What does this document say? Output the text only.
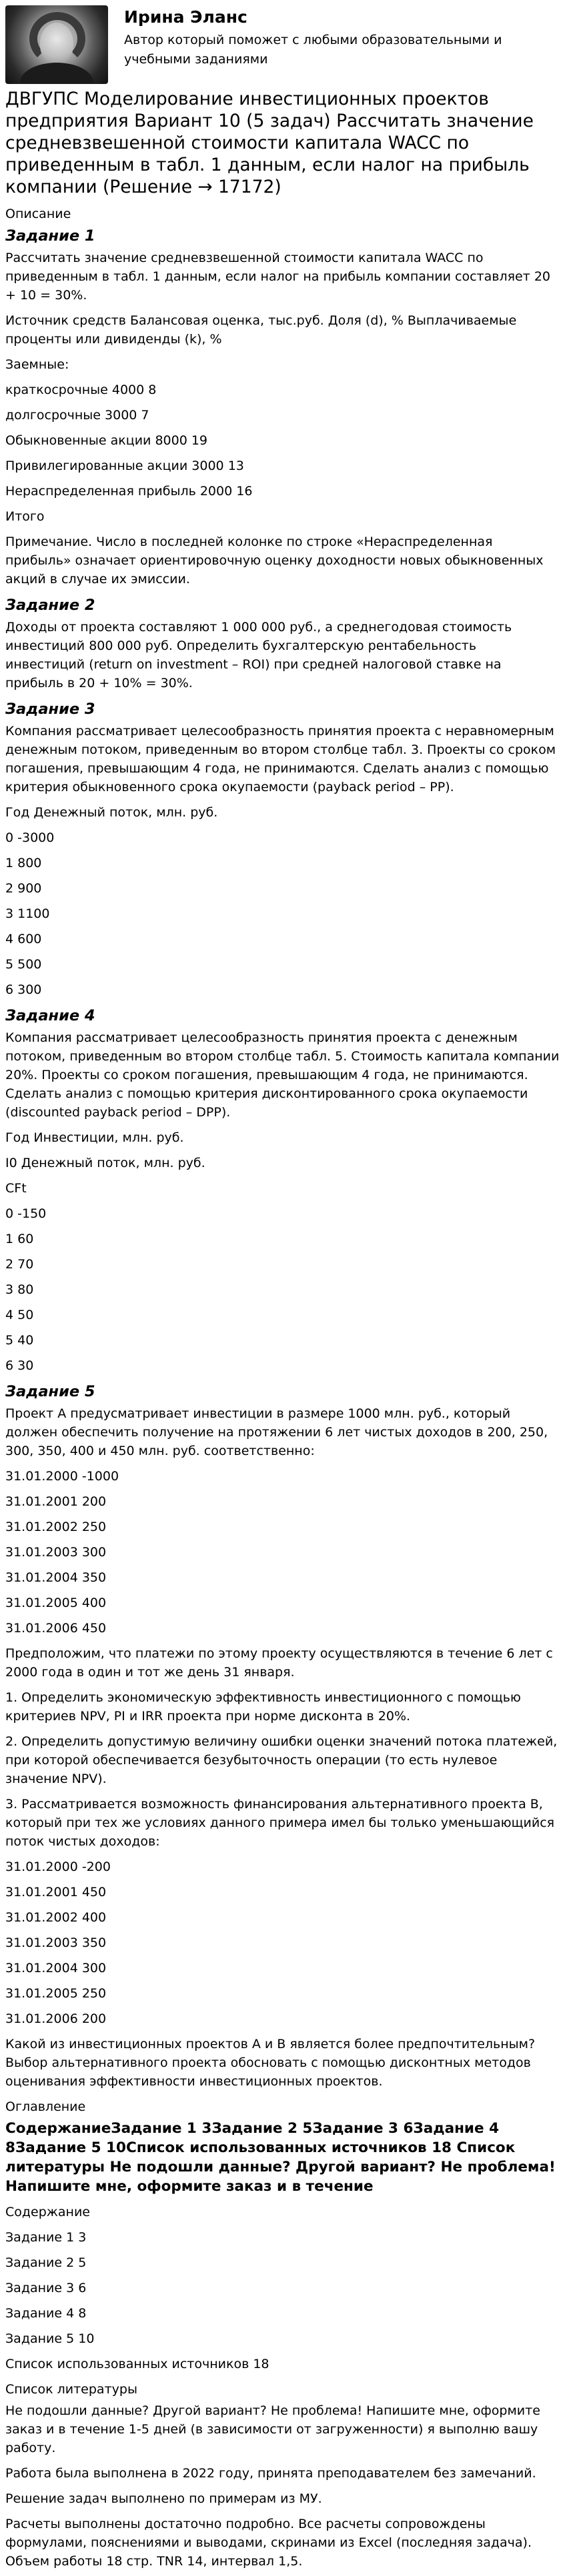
Ирина Эланс
Автор который поможет с любыми образовательными и учебными заданиями
ДВГУПС Моделирование инвестиционных проектов предприятия Вариант 10 (5 задач) Рассчитать значение средневзвешенной стоимости капитала WACC по приведенным в табл. 1 данным, если налог на прибыль компании (Решение → 17172)
Описание
Задание 1
Рассчитать значение средневзвешенной стоимости капитала WACC по приведенным в табл. 1 данным, если налог на прибыль компании составляет 20 + 10 = 30%.
Источник средств Балансовая оценка, тыс.руб. Доля (d), % Выплачиваемые проценты или дивиденды (k), %
Заемные:
краткосрочные 4000 8
долгосрочные 3000 7
Обыкновенные акции 8000 19
Привилегированные акции 3000 13
Нераспределенная прибыль 2000 16
Итого
Примечание. Число в последней колонке по строке «Нераспределенная прибыль» означает ориентировочную оценку доходности новых обыкновенных акций в случае их эмиссии.
Задание 2
Доходы от проекта составляют 1 000 000 руб., а среднегодовая стоимость инвестиций 800 000 руб. Определить бухгалтерскую рентабельность инвестиций (return on investment – ROI) при средней налоговой ставке на прибыль в 20 + 10% = 30%.
Задание 3
Компания рассматривает целесообразность принятия проекта с неравномерным денежным потоком, приведенным во втором столбце табл. 3. Проекты со сроком погашения, превышающим 4 года, не принимаются. Сделать анализ с помощью критерия обыкновенного срока окупаемости (payback period – PP).
Год Денежный поток, млн. руб.
0 -3000
1 800
2 900
3 1100
4 600
5 500
6 300
Задание 4
Компания рассматривает целесообразность принятия проекта с денежным потоком, приведенным во втором столбце табл. 5. Стоимость капитала компании 20%. Проекты со сроком погашения, превышающим 4 года, не принимаются. Сделать анализ с помощью критерия дисконтированного срока окупаемости (discounted payback period – DPP).
Год Инвестиции, млн. руб.
I0 Денежный поток, млн. руб.
CFt
0 -150
1 60
2 70
3 80
4 50
5 40
6 30
Задание 5
Проект А предусматривает инвестиции в размере 1000 млн. руб., который должен обеспечить получение на протяжении 6 лет чистых доходов в 200, 250, 300, 350, 400 и 450 млн. руб. соответственно:
31.01.2000 -1000
31.01.2001 200
31.01.2002 250
31.01.2003 300
31.01.2004 350
31.01.2005 400
31.01.2006 450
Предположим, что платежи по этому проекту осуществляются в течение 6 лет с 2000 года в один и тот же день 31 января.
1. Определить экономическую эффективность инвестиционного с помощью критериев NPV, PI и IRR проекта при норме дисконта в 20%.
2. Определить допустимую величину ошибки оценки значений потока платежей, при которой обеспечивается безубыточность операции (то есть нулевое значение NPV).
3. Рассматривается возможность финансирования альтернативного проекта B, который при тех же условиях данного примера имел бы только уменьшающийся поток чистых доходов:
31.01.2000 -200
31.01.2001 450
31.01.2002 400
31.01.2003 350
31.01.2004 300
31.01.2005 250
31.01.2006 200
Какой из инвестиционных проектов А и В является более предпочтительным? Выбор альтернативного проекта обосновать с помощью дисконтных методов оценивания эффективности инвестиционных проектов.
Оглавление
СодержаниеЗадание 1 3Задание 2 5Задание 3 6Задание 4 8Задание 5 10Список использованных источников 18 Список литературы Не подошли данные? Другой вариант? Не проблема! Напишите мне, оформите заказ и в течение
Содержание
Задание 1 3
Задание 2 5
Задание 3 6
Задание 4 8
Задание 5 10
Список использованных источников 18
Список литературы
Не подошли данные? Другой вариант? Не проблема! Напишите мне, оформите заказ и в течение 1-5 дней (в зависимости от загруженности) я выполню вашу работу.
Работа была выполнена в 2022 году, принята преподавателем без замечаний.
Решение задач выполнено по примерам из МУ.
Расчеты выполнены достаточно подробно. Все расчеты сопровождены формулами, пояснениями и выводами, скринами из Excel (последняя задача). Объем работы 18 стр. TNR 14, интервал 1,5.
